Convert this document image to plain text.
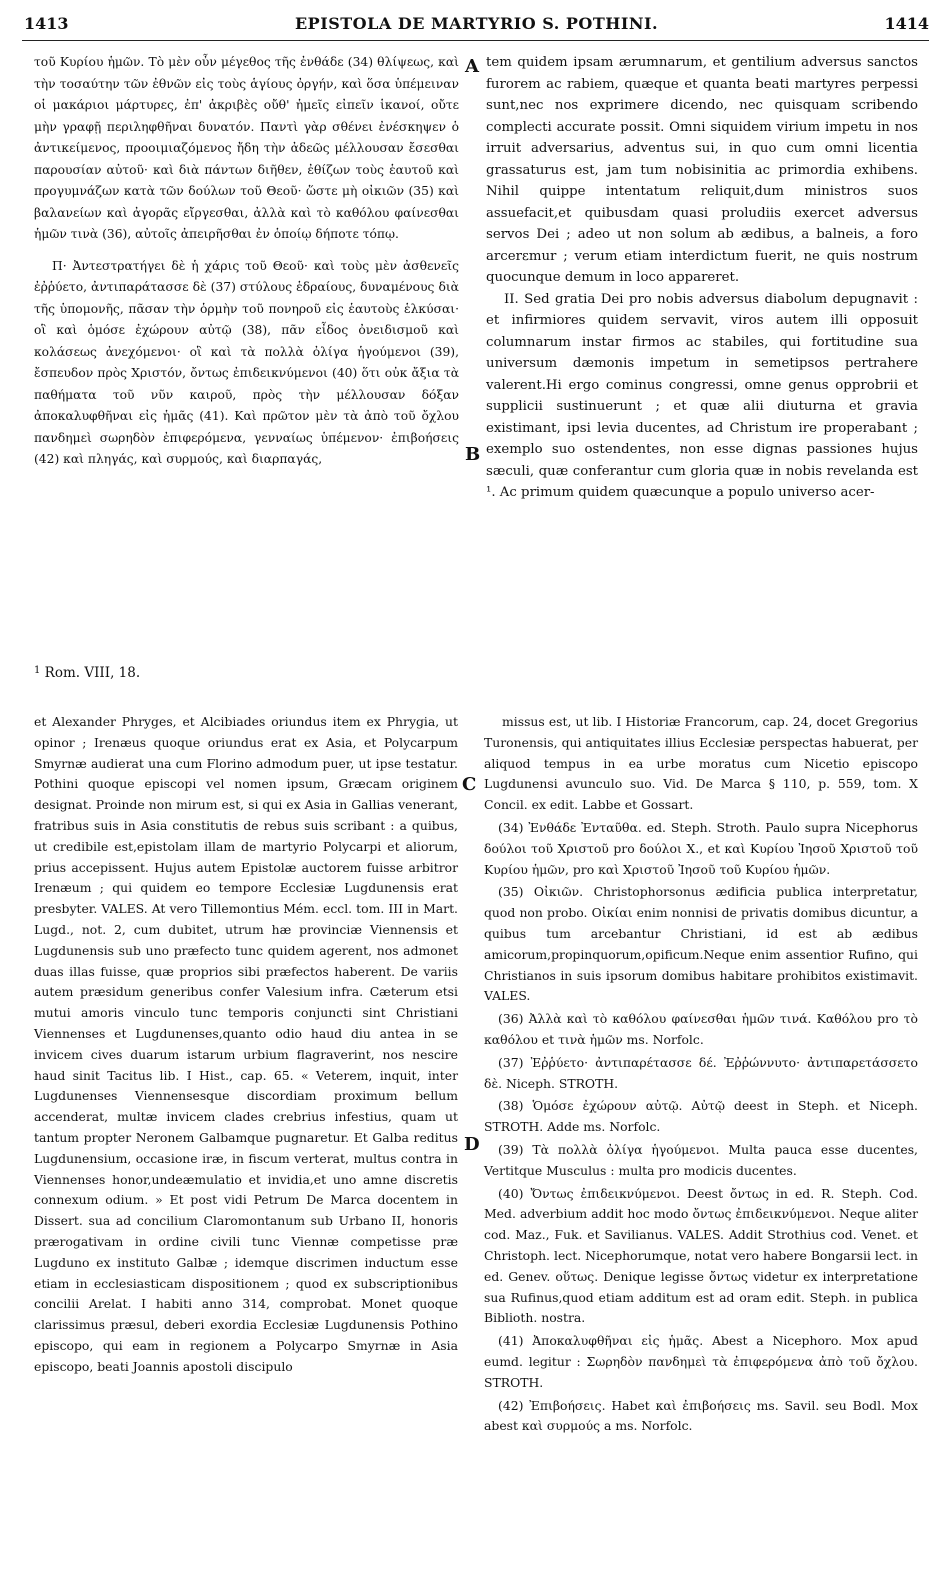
1413	EPISTOLA DE MARTYRIO S. POTHINI.	1414

τοῦ Κυρίου ἡμῶν. Τὸ μὲν οὖν μέγεθος τῆς ἐνθάδε (34) θλίψεως, καὶ τὴν τοσαύτην τῶν ἐθνῶν εἰς τοὺς ἁγίους ὀργήν, καὶ ὅσα ὑπέμειναν οἱ μακάριοι μάρτυρες, ἐπ' ἀκριβὲς οὔθ' ἡμεῖς εἰπεῖν ἱκανοί, οὔτε μὴν γραφῇ περιληφθῆναι δυνατόν. Παντὶ γὰρ σθένει ἐνέσκηψεν ὁ ἀντικείμενος, προοιμιαζόμενος ἤδη τὴν ἀδεῶς μέλλουσαν ἔσεσθαι παρουσίαν αὐτοῦ· καὶ διὰ πάντων διῆθεν, ἐθίζων τοὺς ἑαυτοῦ καὶ προγυμνάζων κατὰ τῶν δούλων τοῦ Θεοῦ· ὥστε μὴ οἰκιῶν (35) καὶ βαλανείων καὶ ἀγορᾶς εἴργεσθαι, ἀλλὰ καὶ τὸ καθόλου φαίνεσθαι ἡμῶν τινὰ (36), αὐτοῖς ἀπειρῆσθαι ἐν ὁποίῳ δήποτε τόπῳ.

Π· Ἀντεστρατήγει δὲ ἡ χάρις τοῦ Θεοῦ· καὶ τοὺς μὲν ἀσθενεῖς ἐῤῥύετο, ἀντιπαράτασσε δὲ (37) στύλους ἑδραίους, δυναμένους διὰ τῆς ὑπομονῆς, πᾶσαν τὴν ὁρμὴν τοῦ πονηροῦ εἰς ἑαυτοὺς ἑλκύσαι· οἳ καὶ ὁμόσε ἐχώρουν αὐτῷ (38), πᾶν εἶδος ὀνειδισμοῦ καὶ κολάσεως ἀνεχόμενοι· οἳ καὶ τὰ πολλὰ ὀλίγα ἡγούμενοι (39), ἔσπευδον πρὸς Χριστόν, ὄντως ἐπιδεικνύμενοι (40) ὅτι οὐκ ἄξια τὰ παθήματα τοῦ νῦν καιροῦ, πρὸς τὴν μέλλουσαν δόξαν ἀποκαλυφθῆναι εἰς ἡμᾶς (41). Καὶ πρῶτον μὲν τὰ ἀπὸ τοῦ ὄχλου πανδημεὶ σωρηδὸν ἐπιφερόμενα, γενναίως ὑπέμενον· ἐπιβοήσεις (42) καὶ πληγάς, καὶ συρμούς, καὶ διαρπαγάς,

A
B

tem quidem ipsam ærumnarum, et gentilium adversus sanctos furorem ac rabiem, quæque et quanta beati martyres perpessi sunt,nec nos exprimere dicendo, nec quisquam scribendo complecti accurate possit. Omni siquidem virium impetu in nos irruit adversarius, adventus sui, in quo cum omni licentia grassaturus est, jam tum nobisinitia ac primordia exhibens. Nihil quippe intentatum reliquit,dum ministros suos assuefacit,et quibusdam quasi proludiis exercet adversus servos Dei ; adeo ut non solum ab ædibus, a balneis, a foro arcerεmur ; verum etiam interdictum fuerit, ne quis nostrum quocunque demum in loco appareret.

II. Sed gratia Dei pro nobis adversus diabolum depugnavit : et infirmiores quidem servavit, viros autem illi opposuit columnarum instar firmos ac stabiles, qui fortitudine sua universum dæmonis impetum in semetipsos pertrahere valerent.Hi ergo cominus congressi, omne genus opprobrii et supplicii sustinuerunt ; et quæ alii diuturna et gravia existimant, ipsi levia ducentes, ad Christum ire properabant ; exemplo suo ostendentes, non esse dignas passiones hujus sæculi, quæ conferantur cum gloria quæ in nobis revelanda est ¹. Ac primum quidem quæcunque a populo universo acer-

$^1$ Rom. VIII, 18.

et Alexander Phryges, et Alcibiades oriundus item ex Phrygia, ut opinor ; Irenæus quoque oriundus erat ex Asia, et Polycarpum Smyrnæ audierat una cum Florino admodum puer, ut ipse testatur. Pothini quoque episcopi vel nomen ipsum, Græcam originem designat. Proinde non mirum est, si qui ex Asia in Gallias venerant, fratribus suis in Asia constitutis de rebus suis scribant : a quibus, ut credibile est,epistolam illam de martyrio Polycarpi et aliorum, prius accepissent. Hujus autem Epistolæ auctorem fuisse arbitror Irenæum ; qui quidem eo tempore Ecclesiæ Lugdunensis erat presbyter. VALES. At vero Tillemontius Mém. eccl. tom. III in Mart. Lugd., not. 2, cum dubitet, utrum hæ provinciæ Viennensis et Lugdunensis sub uno præfecto tunc quidem agerent, nos admonet duas illas fuisse, quæ proprios sibi præfectos haberent. De variis autem præsidum generibus confer Valesium infra. Cæterum etsi mutui amoris vinculo tunc temporis conjuncti sint Christiani Viennenses et Lugdunenses,quanto odio haud diu antea in se invicem cives duarum istarum urbium flagraverint, nos nescire haud sinit Tacitus lib. I Hist., cap. 65. « Veterem, inquit, inter Lugdunenses Viennensesque discordiam proximum bellum accenderat, multæ invicem clades crebrius infestius, quam ut tantum propter Neronem Galbamque pugnaretur. Et Galba reditus Lugdunensium, occasione iræ, in fiscum verterat, multus contra in Viennenses honor,undeæmulatio et invidia,et uno amne discretis connexum odium. » Et post vidi Petrum De Marca docentem in Dissert. sua ad concilium Claromontanum sub Urbano II, honoris prærogativam in ordine civili tunc Viennæ competisse præ Lugduno ex instituto Galbæ ; idemque discrimen inductum esse etiam in ecclesiasticam dispositionem ; quod ex subscriptionibus concilii Arelat. I habiti anno 314, comprobat. Monet quoque clarissimus præsul, deberi exordia Ecclesiæ Lugdunensis Pothino episcopo, qui eam in regionem a Polycarpo Smyrnæ in Asia episcopo, beati Joannis apostoli discipulo

C
D

missus est, ut lib. I Historiæ Francorum, cap. 24, docet Gregorius Turonensis, qui antiquitates illius Ecclesiæ perspectas habuerat, per aliquod tempus in ea urbe moratus cum Nicetio episcopo Lugdunensi avunculo suo. Vid. De Marca § 110, p. 559, tom. X Concil. ex edit. Labbe et Gossart.

(34) Ἐνθάδε Ἐνταῦθα. ed. Steph. Stroth. Paulo supra Nicephorus δούλοι τοῦ Χριστοῦ pro δούλοι X., et καὶ Κυρίου Ἰησοῦ Χριστοῦ τοῦ Κυρίου ἡμῶν, pro καὶ Χριστοῦ Ἰησοῦ τοῦ Κυρίου ἡμῶν.

(35) Οἰκιῶν. Christophorsonus ædificia publica interpretatur, quod non probo. Οἰκίαι enim nonnisi de privatis domibus dicuntur, a quibus tum arcebantur Christiani, id est ab ædibus amicorum,propinquorum,opificum.Neque enim assentior Rufino, qui Christianos in suis ipsorum domibus habitare prohibitos existimavit. VALES.

(36) Ἀλλὰ καὶ τὸ καθόλου φαίνεσθαι ἡμῶν τινά. Καθόλου pro τὸ καθόλου et τινὰ ἡμῶν ms. Norfolc.

(37) Ἐῤῥύετο· ἀντιπαρέτασσε δέ. Ἐῤῥώννυτο· ἀντιπαρετάσσετο δὲ. Niceph. STROTH.

(38) Ὁμόσε ἐχώρουν αὐτῷ. Αὐτῷ deest in Steph. et Niceph. STROTH. Adde ms. Norfolc.

(39) Τὰ πολλὰ ὀλίγα ἡγούμενοι. Multa pauca esse ducentes, Vertitque Musculus : multa pro modicis ducentes.

(40) Ὄντως ἐπιδεικνύμενοι. Deest ὄντως in ed. R. Steph. Cod. Med. adverbium addit hoc modo ὄντως ἐπιδεικνύμενοι. Neque aliter cod. Maz., Fuk. et Savilianus. VALES. Addit Strothius cod. Venet. et Christoph. lect. Nicephorumque, notat vero habere Bongarsii lect. in ed. Genev. οὕτως. Denique legisse ὄντως videtur ex interpretatione sua Rufinus,quod etiam additum est ad oram edit. Steph. in publica Biblioth. nostra.

(41) Ἀποκαλυφθῆναι εἰς ἡμᾶς. Abest a Nicephoro. Mox apud eumd. legitur : Σωρηδὸν πανδημεὶ τὰ ἐπιφερόμενα ἀπὸ τοῦ ὄχλου. STROTH.

(42) Ἐπιβοήσεις. Habet καὶ ἐπιβοήσεις ms. Savil. seu Bodl. Mox abest καὶ συρμούς a ms. Norfolc.
